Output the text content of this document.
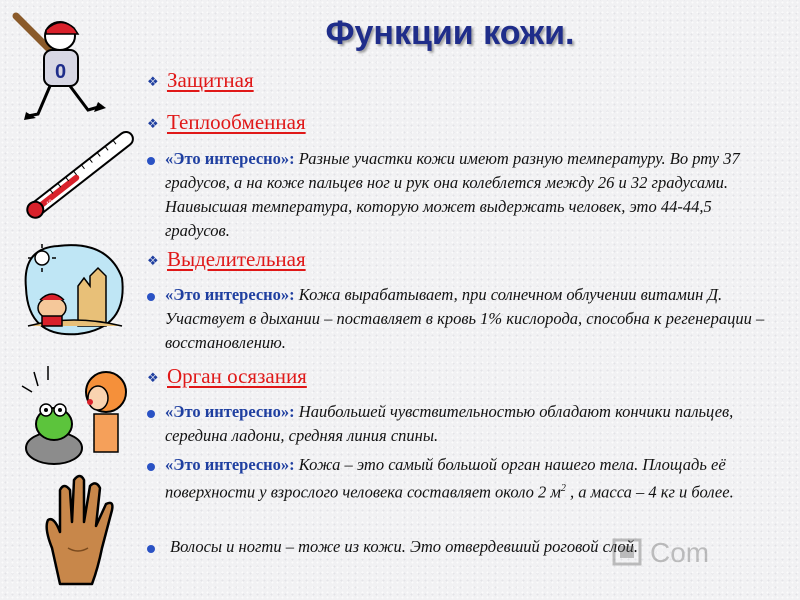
Функции кожи.
0
40
❖ Защитная
❖ Теплообменная
«Это интересно»: Разные участки кожи имеют разную температуру. Во рту 37 градусов, а на коже пальцев ног и рук она колеблется между 26 и 32 градусами. Наивысшая температура, которую может выдержать человек, это 44-44,5 градусов.
❖ Выделительная
«Это интересно»: Кожа вырабатывает, при солнечном облучении витамин Д. Участвует в дыхании – поставляет в кровь 1% кислорода, способна к регенерации – восстановлению.
❖ Орган осязания
«Это интересно»: Наибольшей чувствительностью обладают кончики пальцев, середина ладони, средняя линия спины.
«Это интересно»: Кожа – это самый большой орган нашего тела. Площадь её поверхности у взрослого человека составляет около 2 $м^2$ , а масса – 4 кг и более.
Волосы и ногти – тоже из кожи. Это отвердевший роговой слой. Com
